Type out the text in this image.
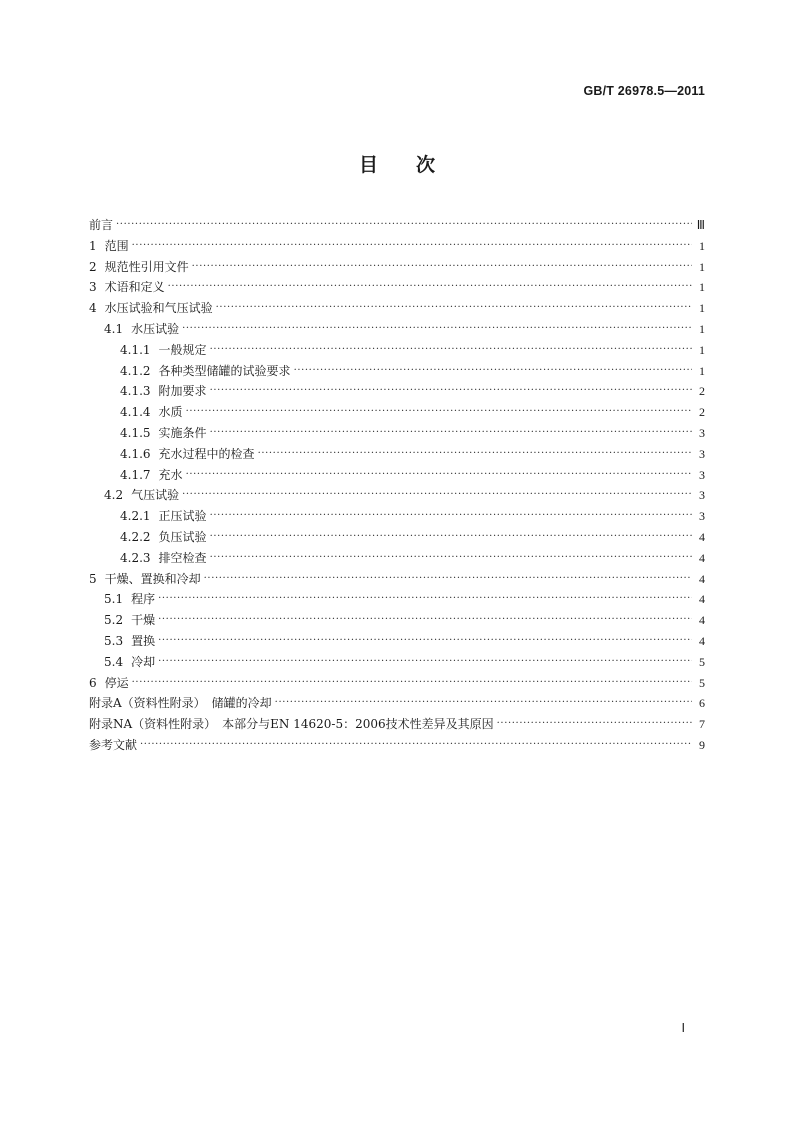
GB/T 26978.5—2011
目次
前言 ·····	Ⅲ
1 范围 ·····	1
2 规范性引用文件 ·····	1
3 术语和定义 ·····	1
4 水压试验和气压试验 ·····	1
4.1 水压试验 ·····	1
4.1.1 一般规定 ·····	1
4.1.2 各种类型储罐的试验要求 ·····	1
4.1.3 附加要求 ·····	2
4.1.4 水质 ·····	2
4.1.5 实施条件 ·····	3
4.1.6 充水过程中的检查 ·····	3
4.1.7 充水 ·····	3
4.2 气压试验 ·····	3
4.2.1 正压试验 ·····	3
4.2.2 负压试验 ·····	4
4.2.3 排空检查 ·····	4
5 干燥、置换和冷却 ·····	4
5.1 程序 ·····	4
5.2 干燥 ·····	4
5.3 置换 ·····	4
5.4 冷却 ·····	5
6 停运 ·····	5
附录A（资料性附录）　储罐的冷却 ·····	6
附录NA（资料性附录）　本部分与EN 14620-5：2006技术性差异及其原因 ·····	7
参考文献 ·····	9
Ⅰ
